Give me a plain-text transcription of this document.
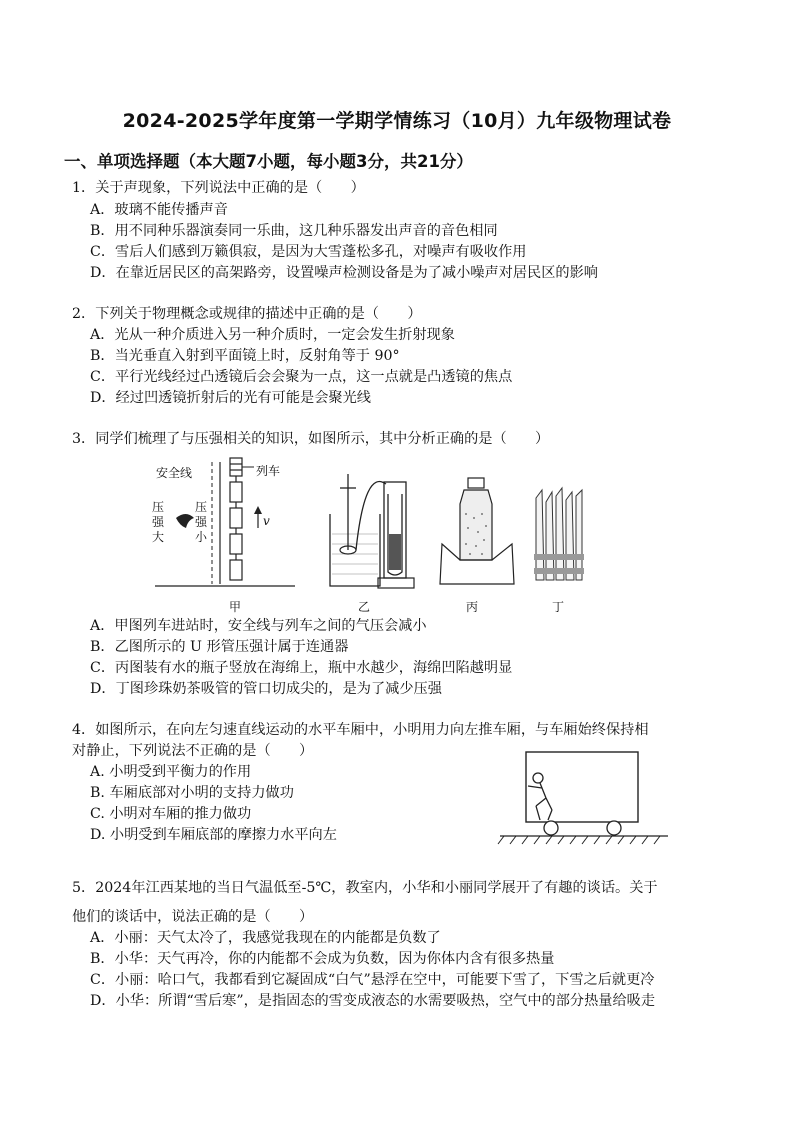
2024-2025学年度第一学期学情练习（10月）九年级物理试卷
一、单项选择题（本大题7小题，每小题3分，共21分）
1．关于声现象，下列说法中正确的是（　　）
A．玻璃不能传播声音
B．用不同种乐器演奏同一乐曲，这几种乐器发出声音的音色相同
C．雪后人们感到万籁俱寂，是因为大雪蓬松多孔，对噪声有吸收作用
D．在靠近居民区的高架路旁，设置噪声检测设备是为了减小噪声对居民区的影响
2．下列关于物理概念或规律的描述中正确的是（　　）
A．光从一种介质进入另一种介质时，一定会发生折射现象
B．当光垂直入射到平面镜上时，反射角等于 90°
C．平行光线经过凸透镜后会会聚为一点，这一点就是凸透镜的焦点
D．经过凹透镜折射后的光有可能是会聚光线
3．同学们梳理了与压强相关的知识，如图所示，其中分析正确的是（　　）
安全线	列车
压强大
压强小
v
甲	乙	丙	丁
A．甲图列车进站时，安全线与列车之间的气压会减小
B．乙图所示的 U 形管压强计属于连通器
C．丙图装有水的瓶子竖放在海绵上，瓶中水越少，海绵凹陷越明显
D．丁图珍珠奶茶吸管的管口切成尖的，是为了减少压强
4．如图所示，在向左匀速直线运动的水平车厢中，小明用力向左推车厢，与车厢始终保持相
对静止，下列说法不正确的是（　　）
A. 小明受到平衡力的作用
B. 车厢底部对小明的支持力做功
C. 小明对车厢的推力做功
D. 小明受到车厢底部的摩擦力水平向左
5．2024年江西某地的当日气温低至-5℃，教室内，小华和小丽同学展开了有趣的谈话。关于
他们的谈话中，说法正确的是（　　）
A．小丽：天气太冷了，我感觉我现在的内能都是负数了
B．小华：天气再冷，你的内能都不会成为负数，因为你体内含有很多热量
C．小丽：哈口气，我都看到它凝固成“白气”悬浮在空中，可能要下雪了，下雪之后就更冷
D．小华：所谓“雪后寒”，是指固态的雪变成液态的水需要吸热，空气中的部分热量给吸走
